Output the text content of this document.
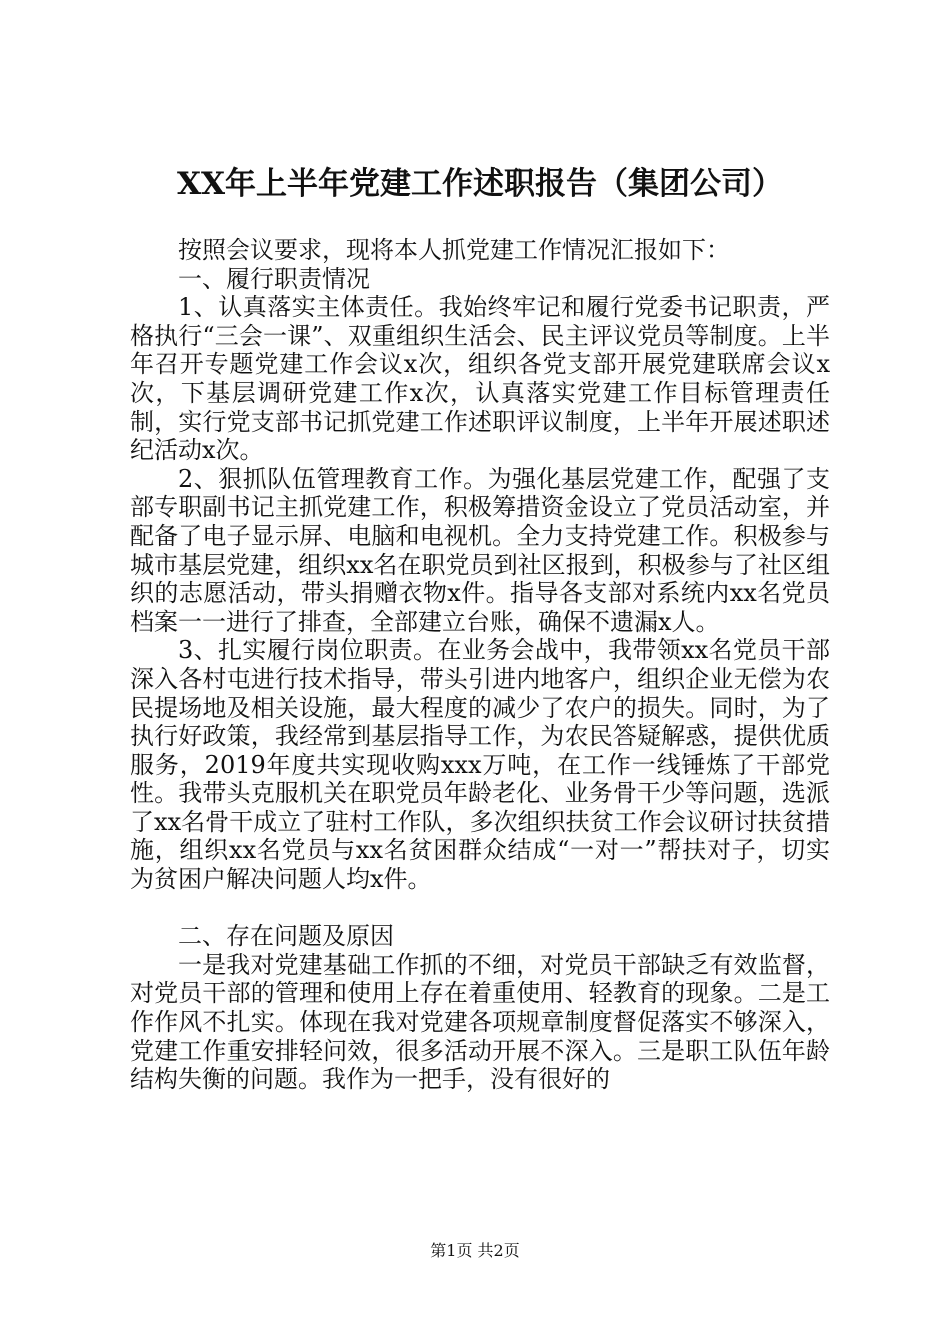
XX年上半年党建工作述职报告（集团公司）

按照会议要求，现将本人抓党建工作情况汇报如下：

一、履行职责情况

1、认真落实主体责任。我始终牢记和履行党委书记职责，严格执行“三会一课”、双重组织生活会、民主评议党员等制度。上半年召开专题党建工作会议x次，组织各党支部开展党建联席会议x次，下基层调研党建工作x次，认真落实党建工作目标管理责任制，实行党支部书记抓党建工作述职评议制度，上半年开展述职述纪活动x次。

2、狠抓队伍管理教育工作。为强化基层党建工作，配强了支部专职副书记主抓党建工作，积极筹措资金设立了党员活动室，并配备了电子显示屏、电脑和电视机。全力支持党建工作。积极参与城市基层党建，组织xx名在职党员到社区报到，积极参与了社区组织的志愿活动，带头捐赠衣物x件。指导各支部对系统内xx名党员档案一一进行了排查，全部建立台账，确保不遗漏x人。

3、扎实履行岗位职责。在业务会战中，我带领xx名党员干部深入各村屯进行技术指导，带头引进内地客户，组织企业无偿为农民提场地及相关设施，最大程度的减少了农户的损失。同时，为了执行好政策，我经常到基层指导工作，为农民答疑解惑，提供优质服务，2019年度共实现收购xxx万吨，在工作一线锤炼了干部党性。我带头克服机关在职党员年龄老化、业务骨干少等问题，选派了xx名骨干成立了驻村工作队，多次组织扶贫工作会议研讨扶贫措施，组织xx名党员与xx名贫困群众结成“一对一”帮扶对子，切实为贫困户解决问题人均x件。

二、存在问题及原因

一是我对党建基础工作抓的不细，对党员干部缺乏有效监督，对党员干部的管理和使用上存在着重使用、轻教育的现象。二是工作作风不扎实。体现在我对党建各项规章制度督促落实不够深入，党建工作重安排轻问效，很多活动开展不深入。三是职工队伍年龄结构失衡的问题。我作为一把手，没有很好的

第1页 共2页
